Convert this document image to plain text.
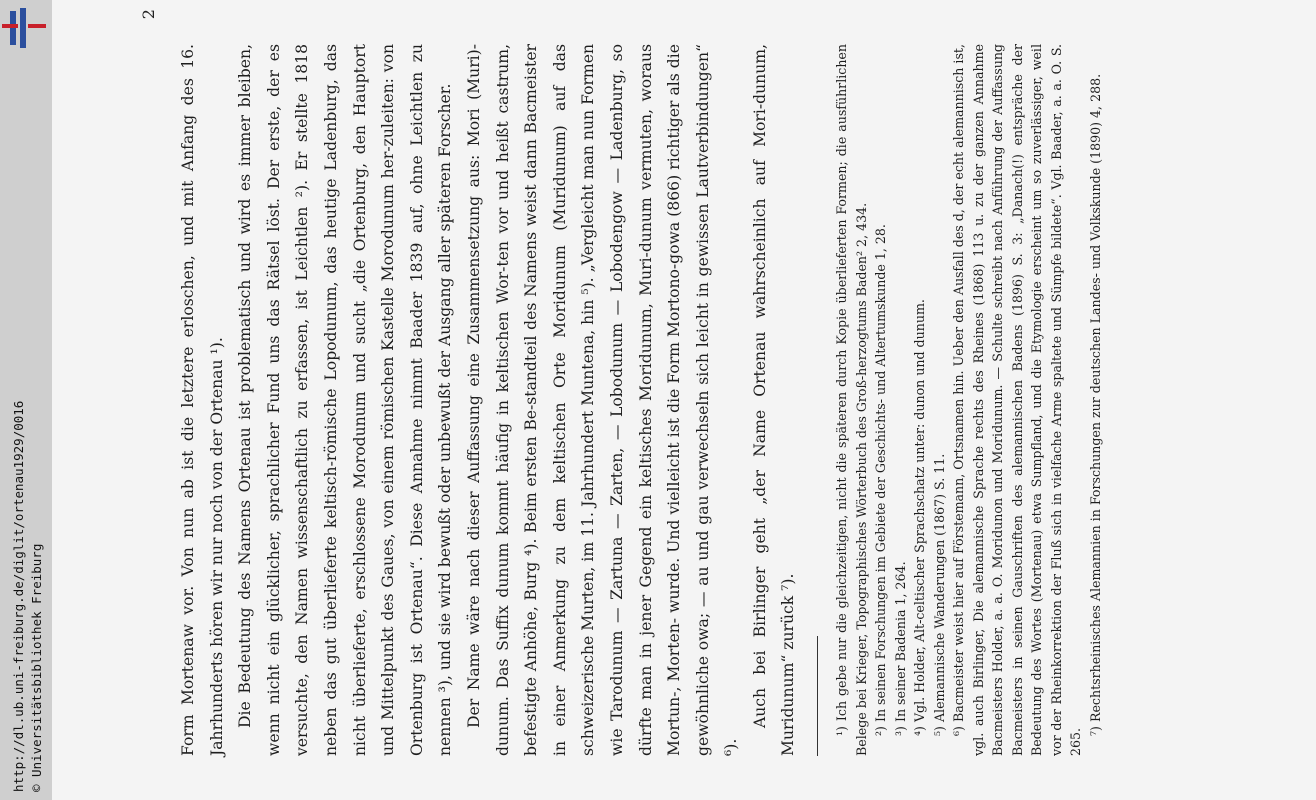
http://dl.ub.uni-freiburg.de/diglit/ortenau1929/0016 © Universitätsbibliothek Freiburg
2

Form Mortenaw vor. Von nun ab ist die letztere erloschen, und mit Anfang des 16. Jahrhunderts hören wir nur noch von der Ortenau ¹). Die Bedeutung des Namens Ortenau ist problematisch und wird es immer bleiben, wenn nicht ein glücklicher, sprachlicher Fund uns das Rätsel löst. Der erste, der es versuchte, den Namen wissenschaftlich zu erfassen, ist Leichtlen ²). Er stellte 1818 neben das gut überlieferte keltisch-römische Lopodunum, das heutige Ladenburg, das nicht überlieferte, erschlossene Morodunum und sucht „die Ortenburg, den Hauptort und Mittelpunkt des Gaues, von einem römischen Kastelle Morodunum her-zuleiten: von Ortenburg ist Ortenau“. Diese Annahme nimmt Baader 1839 auf, ohne Leichtlen zu nennen ³), und sie wird bewußt oder unbewußt der Ausgang aller späteren Forscher. Der Name wäre nach dieser Auffassung eine Zusammensetzung aus: Mori (Muri)-dunum. Das Suffix dunum kommt häufig in keltischen Wor-ten vor und heißt castrum, befestigte Anhöhe, Burg ⁴). Beim ersten Be-standteil des Namens weist dann Bacmeister in einer Anmerkung zu dem keltischen Orte Moridunum (Muridunum) auf das schweizerische Murten, im 11. Jahrhundert Muntena, hin ⁵). „Vergleicht man nun Formen wie Tarodunum — Zartuna — Zarten, — Lobodunum — Lobodengow — Ladenburg, so dürfte man in jener Gegend ein keltisches Moridunum, Muri-dunum vermuten, woraus Mortun-, Morten- wurde. Und vielleicht ist die Form Mortono-gowa (866) richtiger als die gewöhnliche owa; — au und gau verwechseln sich leicht in gewissen Lautverbindungen“ ⁶).

Auch bei Birlinger geht „der Name Ortenau wahrscheinlich auf Mori-dunum, Muridunum“ zurück ⁷).	¹) Ich gebe nur die gleichzeitigen, nicht die späteren durch Kopie überlieferten Formen; die ausführlichen Belege bei Krieger, Topographisches Wörterbuch des Groß-herzogtums Baden² 2, 434. ²) In seinen Forschungen im Gebiete der Geschichts- und Altertumskunde 1, 28. ³) In seiner Badenia 1, 264. ⁴) Vgl. Holder, Alt-celtischer Sprachschatz unter: dunon und dunum. ⁵) Alemannische Wanderungen (1867) S. 11. ⁶) Bacmeister weist hier auf Förstemann, Ortsnamen hin. Ueber den Ausfall des d, der echt alemannisch ist, vgl. auch Birlinger, Die alemannische Sprache rechts des Rheines (1868) 113 u. zu der ganzen Annahme Bacmeisters Holder, a. a. O. Moridunon und Moridunum. — Schulte schreibt nach Anführung der Auffassung Bacmeisters in seinen Gauschriften des alemannischen Badens (1896) S. 3: „Danach(!) entspräche der Bedeutung des Wortes (Mortenau) etwa Sumpfland, und die Etymologie erscheint um so zuverlässiger, weil vor der Rheinkorrektion der Fluß sich in vielfache Arme spaltete und Sümpfe bildete“. Vgl. Baader, a. a. O. S. 265.

⁷) Rechtsrheinisches Alemannien in Forschungen zur deutschen Landes- und Volkskunde (1890) 4, 288.
